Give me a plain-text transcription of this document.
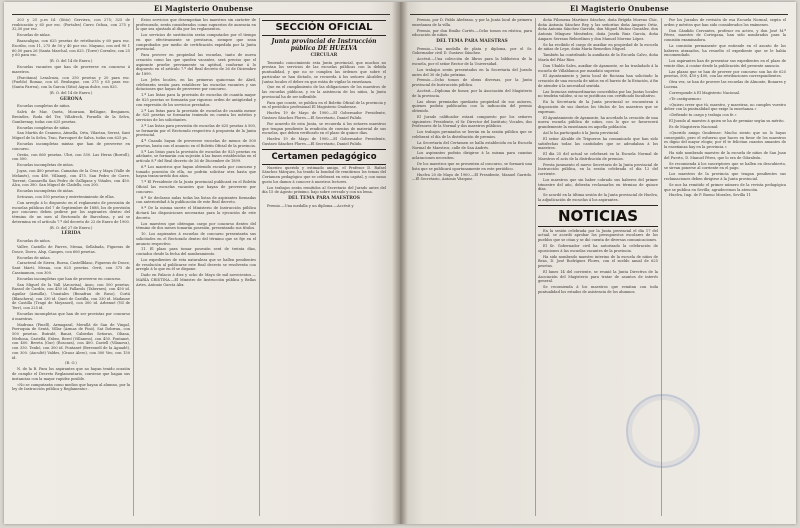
El Magisterio Onubense

203 y 25 p.es Id. (Sitio) Gerviera, con 275; 325 de reubicación y 65 por esc. (Portales) Curro Ochoa, con 275 y 32,50 por esc.

Escuelas de niñas.

Bazacaligas, con 625 pesetas de retribución y 60 para esc. Escribo, con 11, 275 de 50 y 40 por esc. Mayano, con ord 90 1 60,50 para 26 (Santa Marchal, con 625. (Torre) Corrales, con 25 y 60 para esc.

(R. O. del 14 de Enero.)

Escuelas vacantes que han de proveerse en concurso á maestros.

(Parcitana) Lesalcuza, con 250 pesetas y 20 para esc. (Pueblo) Romaz, con id. Beubague, con 275 y 65 para esc. (Santa Farrea), con la Garcia (Sitio) Aigua dulce, con 825.

(R. O. del 14 de Enero.)

GERONA

Escuelas completas de niños.

Salvà de Mar, Queta, Mouraon, Bellagne, Benjamen, Breintles, Roda del Ter, Villafrech, Fornells de la Selva, Gombrenay, todas con 625 pesetas.

Escuelas completas de niñas.

San Martín de Ceaneno, Atmella, Orta, Vilartau, Serrat, Sant Miguel de la Selva, Trao, Parroquet de Salva, todas con 625 ps.

Escuelas incompletas mixtas que han de proveerse en concurso.

Oreño, con 660 pesetas. Ubri, con 550. Las Heras (Borroll), con 500.

Escuelas incompletas de niños.

Joyas, con 400 pesetas. Camaitas de la Cruz y Maya (Valle de Melanés), con 480. Villaneji, con 475. San Pedro de Corre, Torrent, Camarella San Pedro de Galligans y Viñales, con 450. Alca, con 380. San Miguel de Cladells, con 200.

Escuelas incompletas de niñas.

Setcasas, con 550 pesetas y entretenimiento de ellas.

Con arreglo á lo dispuesto en el reglamento de provisión de escuelas públicas del 7 de Septiembre de 1888, los de provisión por concurso deben pedirse por los aspirantes dentro del término de un mes al Rectorado de Barcelona, y así se determina en el artículo 7.º del decreto de 22 de Enero de 1900.

(R. O. del 27 de Enero.)

LÉRIDA

Escuelas de niños.

Vallev, Castello de Farres, Mesaa, Sellabada, Figueras de Dosce, Dorro, Alsp, Campes, con 660 pesetas.

Escuelas de niñas.

Caracteral de Sierra, Ruesa, Castellblanc, Figueras de Dosce, Sant Martí, Mesaa, con 625 pesetas. Orrit, con 575 de Cassinamon, con 300.

Escuelas incompletas que han de proveerse en concurso.

San Miguel de la Vall (Arcavisa), Anso, con 500 pesetas. Rassol de Cardós, con 450 id. Pallarols (Tabernes), con 450 id. Aguilar (Armilla), Usuatales (Bonafrau de Ruso), Cortá (Blanchera), con 330 id. Queó de Castilla, con 330 id. Madaune de Castilla (Tragó de Moyanorí), con 300 id. Arbenué (Vil de Terr), con 225 id.

Escuelas incompletas que han de ser provistas por concurso á maestras.

Madrona (Pinell), Armagaral, Merallá de San de Vingal, Porroquia de Sentá, Villar (Armas de Pinó), Sat Dobrrau, con 500 pesetas. Butralé, Banat, Cabiedas Señoras, Oliana, Mediona, Castellá, Esbeo, Bereí (Villaness), con 450. Fontanet, con 400. Bereta (Gur) (Roscara), con 400. Castell (Vilanova), con 350. Tenbó, con 300 id. Fontanet (Bereonelí de la Aguadé), con 300. (Asculté) Valdes, (Graoz Alero), con 300 Veo, con 150 id.

(R. O.)

N. de la R. Para los aspirantes que no hayan tenido ocasión de cumplir el Decreto Reglamentario, conviene que hagan sus instancias con la mayor rapidez posible.

«No se computarán como medios que hayan al alumno, por la ley de Instrucción pública y Reglamento».

Estos servicios que desempeñan los maestros sin carácter de profesorado, serán considerados como supuestos de ausencia en lo que sea ajustado al día por los reglamentos.

Los servicios de sustitución serán computados por el tiempo en que efectivamente se prestaron, siempre que sean comprobados por medio de certificación expedida por la Junta provincial.

Para proveer en propiedad las escuelas, tanto de nueva creación como las que queden vacantes, será preciso que el aspirante pruebe previamente su aptitud, conforme á lo dispuesto en el artículo 7.º del Real decreto de 26 de Diciembre de 1899.

Los Jefes locales, en las primeras quincenas de Abril, celebrarán sesión para establecer las escuelas vacantes y sus dotaciones que hayan de proveerse por concurso.

1.ª Las listas para la provisión de escuelas de cuantía mayor de 825 pesetas se formarán por riguroso orden de antigüedad y con expresión de los servicios prestados.

2.ª Las listas para la provisión de escuelas de cuantía menor de 825 pesetas se formarán teniendo en cuenta los méritos y servicios de los solicitantes.

3.ª Las listas para provisión de escuelas de 625 pesetas á 500, se formarán por el Rectorado respectivo á propuesta de la Junta provincial.

4.ª Cuando hayan de proveerse escuelas de menos de 500 pesetas, basta con el anuncio en el Boletín Oficial de la provincia.

5.ª Las listas para la provisión de escuelas de 825 pesetas en adelante, se formarán con sujeción á las bases establecidas en el artículo 8.º del Real decreto de 26 de Diciembre de 1899.

6.ª Los maestros que hayan obtenido escuela por concurso y tomado posesión de ella, no podrán solicitar otra hasta que hayan transcurrido dos años.

7.ª El Presidente de la Junta provincial publicará en el Boletín Oficial las escuelas vacantes que hayan de proveerse por concurso.

8.ª Se declaran nulas todas las listas de aspirantes formadas con anterioridad á la publicación de este Real decreto.

9.ª De la misma suerte el Ministerio de Instrucción pública dictará las disposiciones necesarias para la ejecución de este decreto.

Los maestros que obtengan cargo por concurso dentro del término de dos meses tomarán posesión, presentando sus títulos.

10. Los aspirantes á escuelas de concurso presentarán sus solicitudes en el Rectorado dentro del término que se fije en el anuncio respectivo.

11. El plazo para tomar posesión será de treinta días, contados desde la fecha del nombramiento.

Los expedientes de esta naturaleza que se hallen pendientes de resolución al publicarse este Real decreto se resolverán con arreglo á lo que en él se dispone.

Dado en Palacio á diez y ocho de Mayo de mil novecientos.—MARÍA CRISTINA.—El Ministro de Instrucción pública y Bellas Artes, Antonio García Alix.

SECCIÓN OFICIAL
Junta provincial de Instrucción pública DE HUELVA
CIRCULAR

Teniendo conocimiento esta Junta provincial, que muchos no prestan los servicios de las escuelas públicas con la debida puntualidad, y que no se cumplen las órdenes que sobre el particular se han dictado, se recuerda á los señores Alcaldes y Juntas locales el deber en que están de vigilar la enseñanza.

Que en el cumplimiento de las obligaciones de los maestros de las escuelas públicas, y en la asistencia de los niños, la Junta provincial ha de ser inflexible.

Para que conste, se publica en el Boletín Oficial de la provincia y en el periódico profesional El Magisterio Onubense.

Huelva 19 de Mayo de 1900.—El Gobernador Presidente, Gustavo Sánchez Flores.—El Secretario, Daniel Pulido.

Por acuerdo de esta Junta, se recuerda á los señores maestros que tengan pendiente la rendición de cuentas de material de sus escuelas, que deben verificarlo en el plazo de quince días.

Huelva 19 de Mayo de 1900.—El Gobernador Presidente, Gustavo Sánchez Flores.—El Secretario, Daniel Pulido.

Certamen pedagógico

Nuestro querido y estimado amigo, el Profesor D. Rafael Sánchez Márquez, ha tenido la bondad de remitirnos los temas del Certamen pedagógico que se celebrará en esta capital, y con sumo gusto los damos á conocer á nuestros lectores.

Los trabajos serán remitidos al Secretario del Jurado antes del día 15 de Agosto próximo, bajo sobre cerrado y con un lema.

DEL TEMA PARA MAESTROS

Premio.—Una medalla y un diploma.—Accésit y

El Magisterio Onubense

Premio, por D. Pablo Aledrano, y por la Junta local de primera enseñanza de la villa.

Premio, por don Emilio Cortés.—Ocho tomos en rústica, para educación de niños.

DEL TEMA PARA MAESTRAS

Premio.—Una medalla de plata y diploma, por el Sr. Gobernador civil D. Gustavo Sánchez.

Accésit.—Una colección de libros para la biblioteca de la escuela, por el señor Rector de la Universidad.

Los trabajos serán presentados en la Secretaría del Jurado antes del 30 de Julio próximo.

Premio.—Ocho tomos de obras diversas, por la Junta provincial de Instrucción pública.

Accésit.—Diploma de honor, por la Asociación del Magisterio de la provincia.

Las obras premiadas quedarán propiedad de sus autores, quienes podrán publicarlas con la indicación del premio obtenido.

El Jurado calificador estará compuesto por los señores siguientes: Presidente, el Sr. Director del Instituto; Vocales, dos Profesores de la Normal y dos maestros públicos.

Los trabajos premiados se leerán en la sesión pública que se celebrará el día de la distribución de premios.

La Secretaría del Certamen se halla establecida en la Escuela Normal de Maestros, calle de San Andrés.

Los aspirantes podrán dirigirse á la misma para cuantas aclaraciones necesiten.

De los maestros que se presenten al concurso, se formará una lista que se publicará oportunamente en este periódico.

Huelva 20 de Mayo de 1900.—El Presidente, Manuel Garrido.—El Secretario, Antonio Vázquez.

doña Filomena Martínez Sánchez, doña Brígida Moreno Chic, doña Antonia Sánchez Rey, y las señoritas doña Amparo Ortiz, doña Antonia Sánchez Garrido, don Miguel Muñoz González, don Antonio Mínguez Menéndez, doña Josefa Ruiz García, doña Amparo Serrano Rebordinos y don Manuel Moreno López.

Se ha recibido el cargo de auxiliar en propiedad de la escuela de niñas de Lepe, doña María Remedios Miguel.

También ha contribuido la auxiliaría de la Escuela Calvo, doña María del Pilar Ríos.

Don Ubaldo Sales, auxiliar de Ayamonte, se ha trasladado á la escuela de Villablanca por mandato superior.

El Ayuntamiento y Junta local de Rociana han solicitado la creación de una escuela de niños en el barrio de la Estación, á fin de atender á la necesidad sentida.

Las licencias extraordinarias concedidas por las Juntas locales no tendrán validez, si no se justifican con certificado facultativo.

En la Secretaría de la Junta provincial se encuentran á disposición de sus dueños los títulos de los maestros que se expresan.

El Ayuntamiento de Ayamonte, ha acordado la creación de una nueva escuela pública de niños, con lo que se favorecerá grandemente la enseñanza en aquella población.

Así lo ha participado á la Junta provincial.

El señor Alcalde de Trigueros ha comunicado que han sido satisfechas todas las cantidades que se adeudaban á los maestros.

El día 25 del actual se celebrará en la Escuela Normal de Maestros el acto de la distribución de premios.

Presta juramento el nuevo Secretario de la Junta provincial de Instrucción pública, en la sesión celebrada el día 12 del corriente.

Los maestros que sin haber cobrado sus haberes del primer trimestre del año, deberán reclamarlos en término de quince días.

Se acordó en la última sesión de la Junta provincial de Huelva, la adjudicación de escuelas á los aspirantes.

NOTICIAS

En la sesión celebrada por la Junta provincial el día 17 del actual, se acordó aprobar los presupuestos escolares de los pueblos que se citan y se dió cuenta de diversas comunicaciones.

El Sr. Gobernador civil ha autorizado la celebración de oposiciones á las escuelas vacantes de la provincia.

Ha sido nombrado maestro interino de la escuela de niños de Beas, D. José Rodríguez Flores, con el sueldo anual de 625 pesetas.

El lunes 14 del corriente, se reunió la Junta Directiva de la Asociación del Magisterio para tratar de asuntos de interés general.

Se recomienda á los maestros que remitan con toda puntualidad los estados de asistencia de los alumnos.

Por los Jurados de revisión de esa Escuela Normal, según el orden y méritos que han sido considerados los exámenes.

Don Cándido Cervantes, profesor en activo, y don José M.ª Pérez, maestro de Cortegana, han sido nombrados para la comisión examinadora.

La comisión permanente que entiende en el asunto de los haberes atrasados, ha resuelto el expediente que se le había encomendado.

Los aspirantes han de presentar sus expedientes en el plazo de veinte días, á contar desde la publicación del presente anuncio.

Las plazas que se han de proveer por concurso son las de 625 pesetas, 500, 450 y 400, con las retribuciones correspondientes.

Otra vez, se han de proveer las escuelas de Almonte, Bonares y Lucena.

Corresponde á El Magisterio Nacional.

«Te castiguemos»

«Quiero creer que tú, maestro, y maestras, no cumples vuestro deber con la puntualidad que exige la enseñanza.»

«Defiende tu cargo y trabaja con fe.»

El Jurado al maestro á quien se ha de premiar según su mérito.

Es de Magisterio Nacional:

«Querido amigo Onubense: Mucho siento que no lo hayas conseguido, pero el esfuerzo que haces en favor de los maestros es digno del mayor elogio; por él te felicitan cuantos amantes de la enseñanza hay en la provincia.»

Ha sido nombrado maestro de la escuela de niños de San Juan del Puerto, D. Manuel Pérez, que lo era de Gibraleón.

Se recomienda á los suscriptores que se hallen en descubierto, se sirvan ponerse al corriente en el pago.

Los maestros de la provincia que tengan pendientes sus reclamaciones deben dirigirse á la Junta provincial.

Se nos ha remitido el primer número de la revista pedagógica que se publica en Sevilla; agradecemos la atención.

Huelva, Imp. de P. Bueno Morales, Sevilla 11
